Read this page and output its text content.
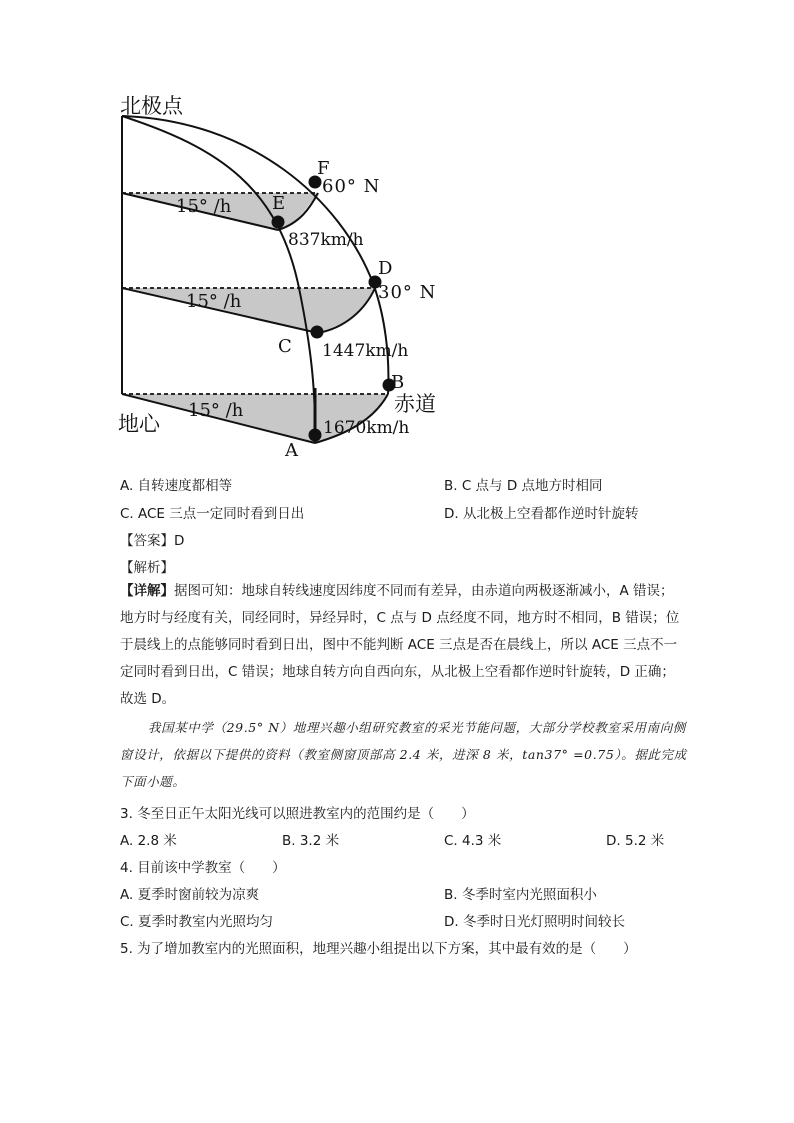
北极点
地心
赤道
60° N
30° N
15° /h
15° /h
15° /h
837km/h
1447km/h
1670km/h
F
E
D
C
B
A
A. 自转速度都相等	B. C 点与 D 点地方时相同
C. ACE 三点一定同时看到日出	D. 从北极上空看都作逆时针旋转
【答案】D
【解析】
【详解】据图可知：地球自转线速度因纬度不同而有差异，由赤道向两极逐渐减小，A 错误；地方时与经度有关，同经同时，异经异时，C 点与 D 点经度不同，地方时不相同，B 错误；位于晨线上的点能够同时看到日出，图中不能判断 ACE 三点是否在晨线上，所以 ACE 三点不一定同时看到日出，C 错误；地球自转方向自西向东，从北极上空看都作逆时针旋转，D 正确；故选 D。
我国某中学（29.5° N）地理兴趣小组研究教室的采光节能问题，大部分学校教室采用南向侧窗设计，依据以下提供的资料（教室侧窗顶部高 2.4 米，进深 8 米，tan37° =0.75）。据此完成下面小题。
3. 冬至日正午太阳光线可以照进教室内的范围约是（　　）
A. 2.8 米	B. 3.2 米	C. 4.3 米	D. 5.2 米
4. 目前该中学教室（　　）
A. 夏季时窗前较为凉爽	B. 冬季时室内光照面积小
C. 夏季时教室内光照均匀	D. 冬季时日光灯照明时间较长
5. 为了增加教室内的光照面积，地理兴趣小组提出以下方案，其中最有效的是（　　）
